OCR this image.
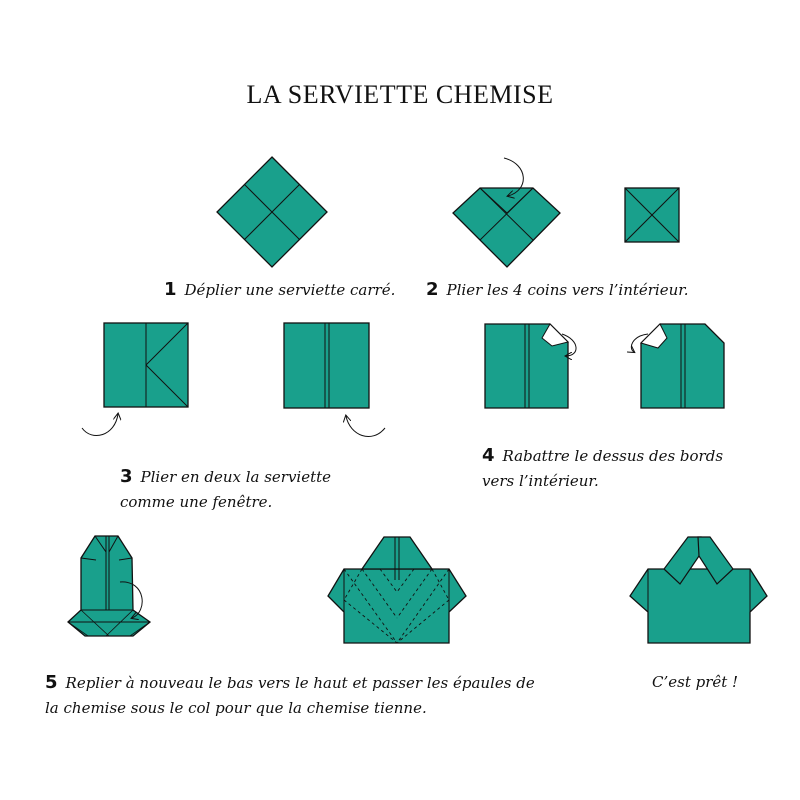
LA SERVIETTE CHEMISE
1 Déplier une serviette carré. 2 Plier les 4 coins vers l’intérieur.
3 Plier en deux la serviette
comme une fenêtre.
4 Rabattre le dessus des bords
vers l’intérieur.
5 Replier à nouveau le bas vers le haut et passer les épaules de
la chemise sous le col pour que la chemise tienne.
C’est prêt !
